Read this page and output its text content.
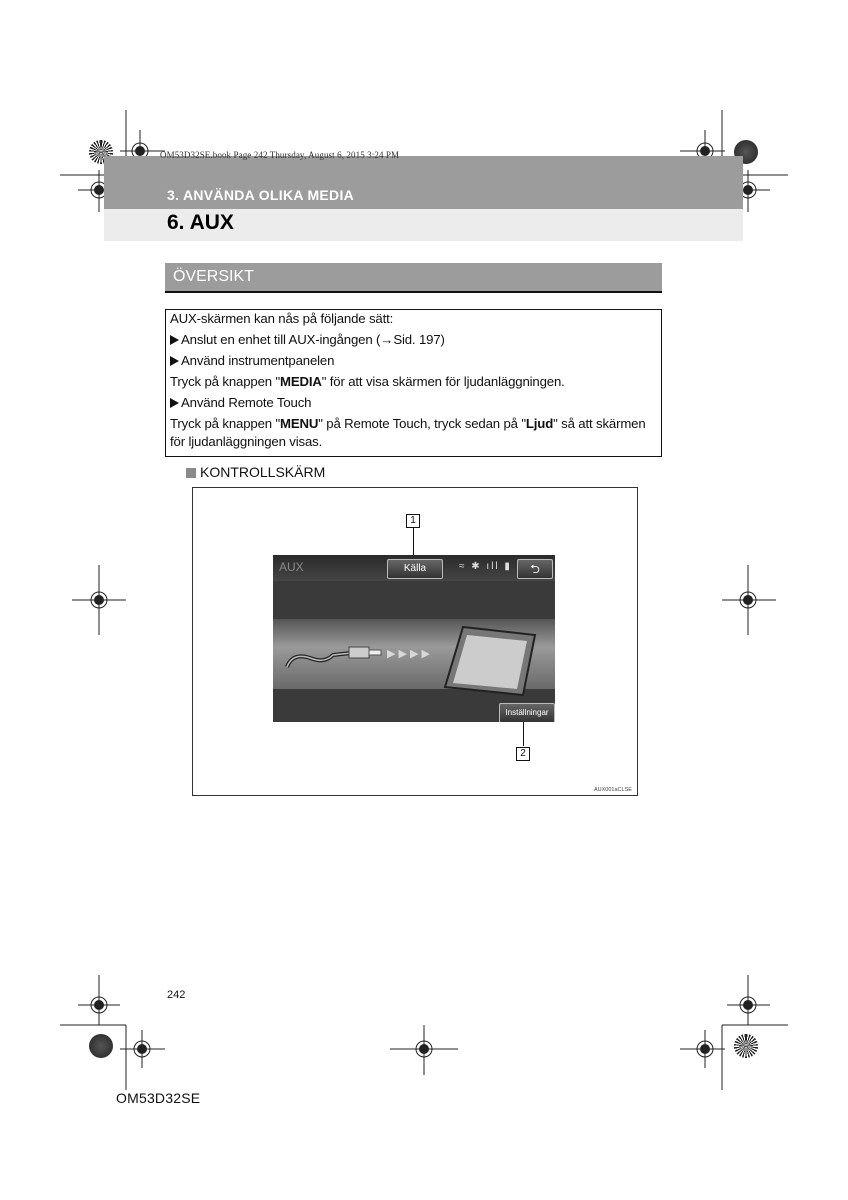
OM53D32SE.book Page 242 Thursday, August 6, 2015 3:24 PM
3. ANVÄNDA OLIKA MEDIA
6. AUX
ÖVERSIKT
AUX-skärmen kan nås på följande sätt:
Anslut en enhet till AUX-ingången (→Sid. 197)
Använd instrumentpanelen
Tryck på knappen "MEDIA" för att visa skärmen för ljudanläggningen.
Använd Remote Touch
Tryck på knappen "MENU" på Remote Touch, tryck sedan på "Ljud" så att skärmen
för ljudanläggningen visas.
KONTROLLSKÄRM
1
AUX	Källa	≈ ✱ ıll ▮	⮌
▶ ▶ ▶ ▶
Inställningar
2
AUX001aCLSE
242
OM53D32SE
